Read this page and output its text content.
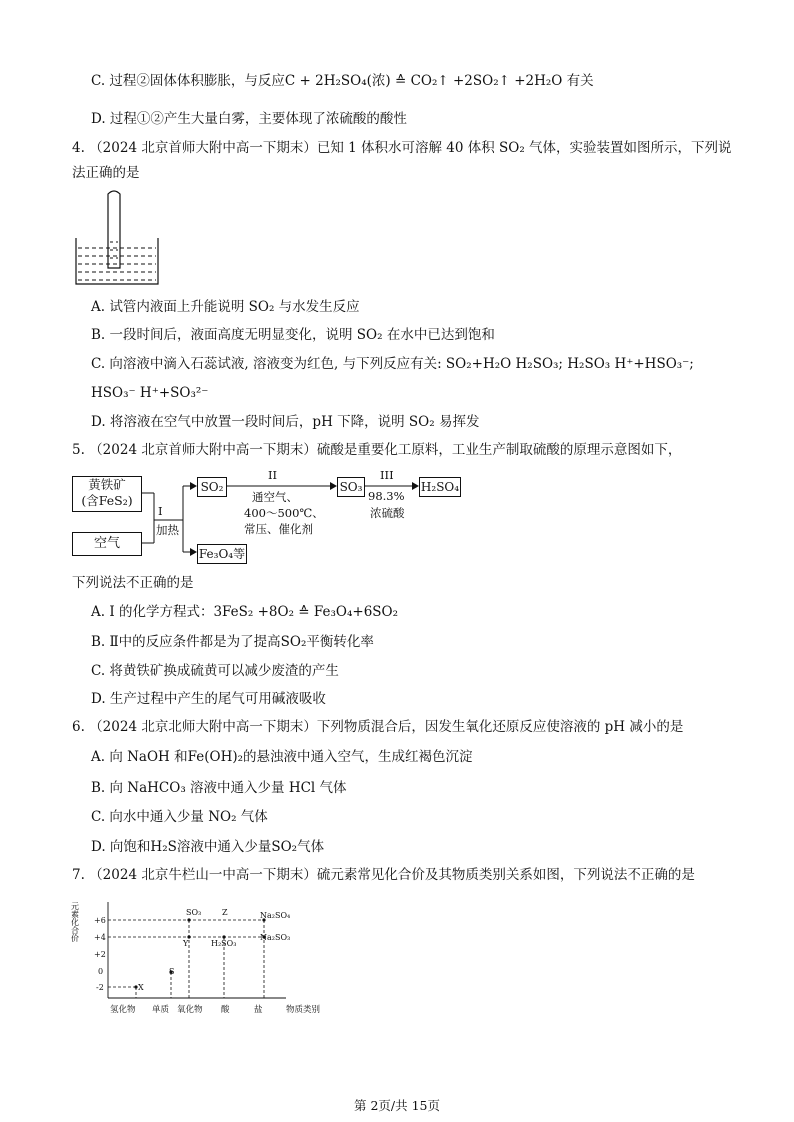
C. 过程②固体体积膨胀，与反应C + 2H₂SO₄(浓) ≙ CO₂↑ +2SO₂↑ +2H₂O 有关
D. 过程①②产生大量白雾，主要体现了浓硫酸的酸性
4. （2024 北京首师大附中高一下期末）已知 1 体积水可溶解 40 体积 SO₂ 气体，实验装置如图所示，下列说
法正确的是
A. 试管内液面上升能说明 SO₂ 与水发生反应
B. 一段时间后，液面高度无明显变化，说明 SO₂ 在水中已达到饱和
C. 向溶液中滴入石蕊试液, 溶液变为红色, 与下列反应有关: SO₂+H₂O H₂SO₃; H₂SO₃ H⁺+HSO₃⁻;
HSO₃⁻ H⁺+SO₃²⁻
D. 将溶液在空气中放置一段时间后，pH 下降，说明 SO₂ 易挥发
5. （2024 北京首师大附中高一下期末）硫酸是重要化工原料，工业生产制取硫酸的原理示意图如下，
黄铁矿
(含FeS₂)
空气
I
加热
SO₂
II
通空气、
400～500℃、
常压、催化剂
SO₃
III
98.3%
浓硫酸
H₂SO₄
Fe₃O₄等
下列说法不正确的是
A. I 的化学方程式：3FeS₂ +8O₂ ≙ Fe₃O₄+6SO₂
B. Ⅱ中的反应条件都是为了提高SO₂平衡转化率
C. 将黄铁矿换成硫黄可以减少废渣的产生
D. 生产过程中产生的尾气可用碱液吸收
6. （2024 北京北师大附中高一下期末）下列物质混合后，因发生氧化还原反应使溶液的 pH 减小的是
A. 向 NaOH 和Fe(OH)₂的悬浊液中通入空气，生成红褐色沉淀
B. 向 NaHCO₃ 溶液中通入少量 HCl 气体
C. 向水中通入少量 NO₂ 气体
D. 向饱和H₂S溶液中通入少量SO₂气体
7. （2024 北京牛栏山一中高一下期末）硫元素常见化合价及其物质类别关系如图，下列说法不正确的是
元素化合价 +6
+4
+2
0
-2
SO₃	Z	Na₂SO₄
Y	H₂SO₃
Na₂SO₃
S
X
氢化物 单质 氧化物 酸	盐	物质类别
第 2页/共 15页
